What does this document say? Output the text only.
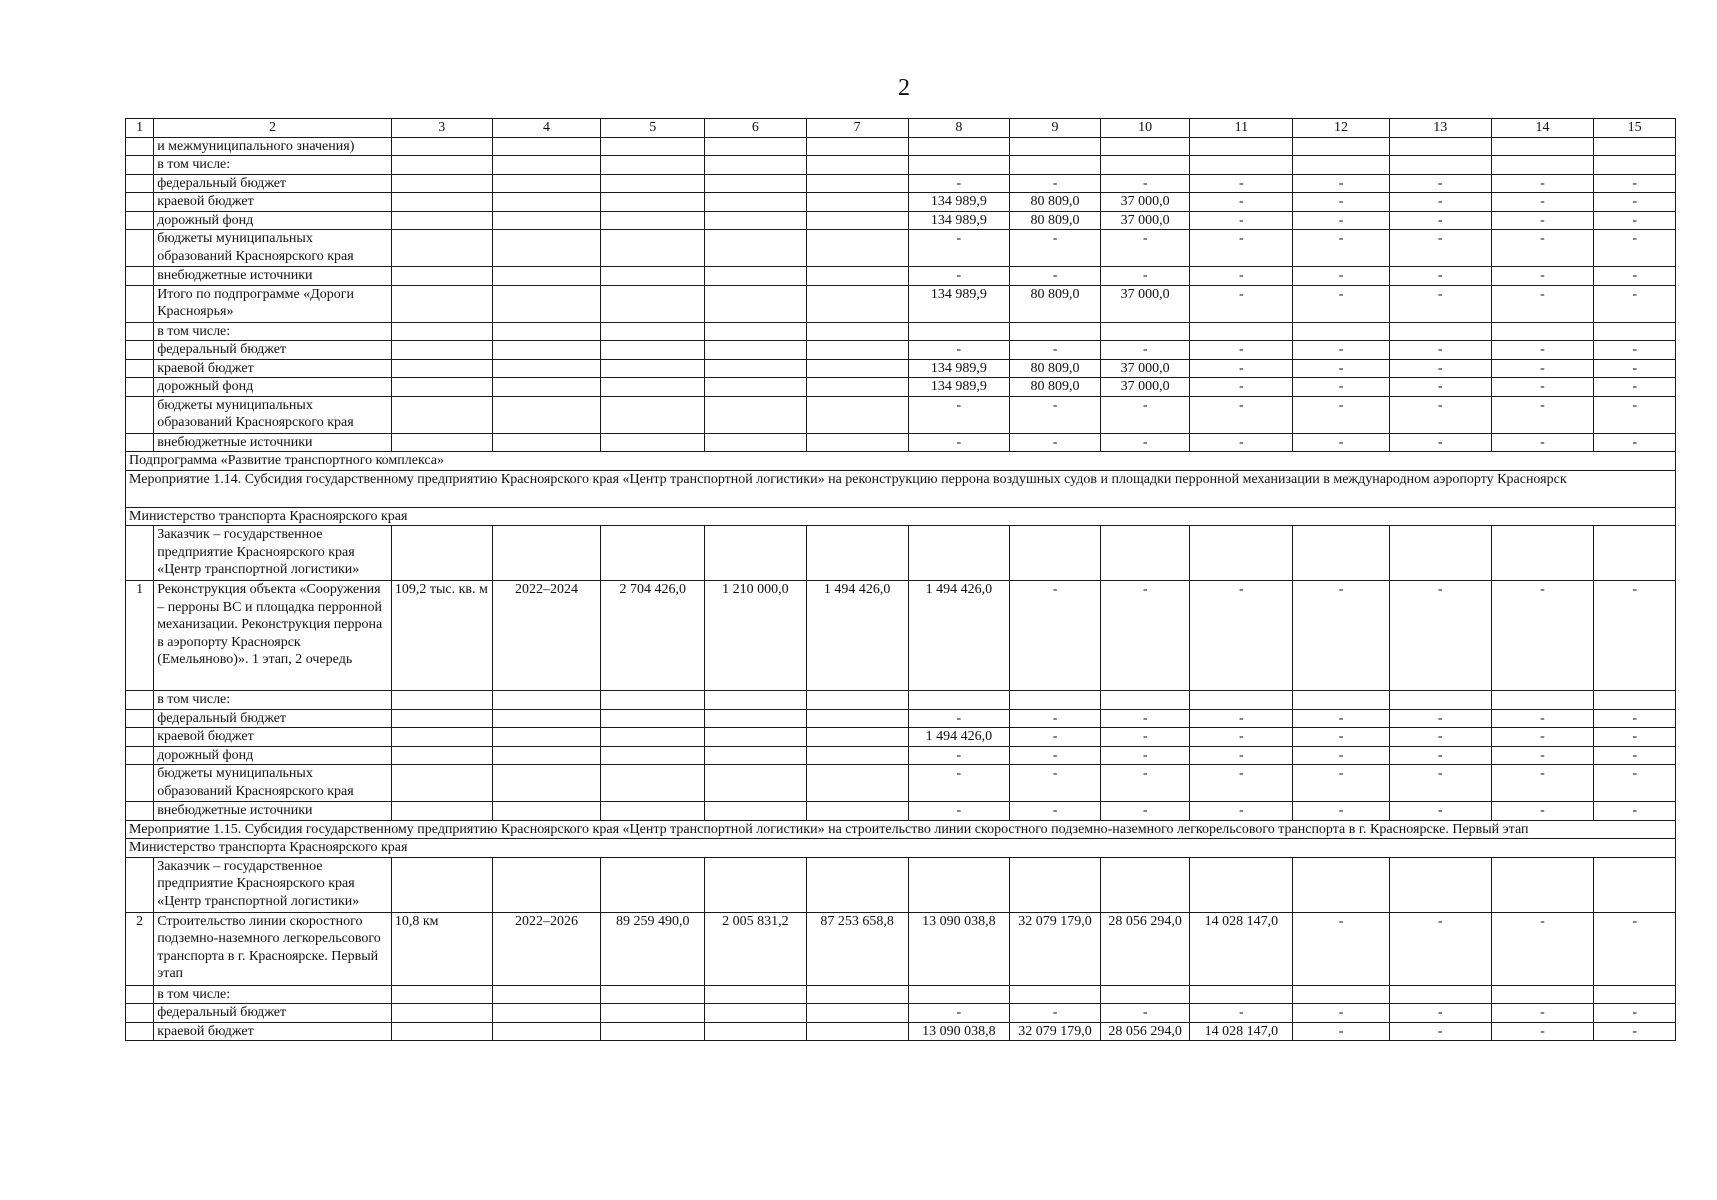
2
1	2	3	4	5	6	7	8	9	10	11	12	13	14	15
	и межмуниципального значения)													
	в том числе:													
	федеральный бюджет						-	-	-	-	-	-	-	-
	краевой бюджет						134 989,9	80 809,0	37 000,0	-	-	-	-	-
	дорожный фонд						134 989,9	80 809,0	37 000,0	-	-	-	-	-
	бюджеты муниципальных образований Красноярского края						-	-	-	-	-	-	-	-
	внебюджетные источники						-	-	-	-	-	-	-	-
	Итого по подпрограмме «Дороги Красноярья»						134 989,9	80 809,0	37 000,0	-	-	-	-	-
	в том числе:													
	федеральный бюджет						-	-	-	-	-	-	-	-
	краевой бюджет						134 989,9	80 809,0	37 000,0	-	-	-	-	-
	дорожный фонд						134 989,9	80 809,0	37 000,0	-	-	-	-	-
	бюджеты муниципальных образований Красноярского края						-	-	-	-	-	-	-	-
	внебюджетные источники						-	-	-	-	-	-	-	-
Подпрограмма «Развитие транспортного комплекса»														
Мероприятие 1.14. Субсидия государственному предприятию Красноярского края «Центр транспортной логистики» на реконструкцию перрона воздушных судов и площадки перронной механизации в международном аэропорту Красноярск														
Министерство транспорта Красноярского края														
	Заказчик – государственное предприятие Красноярского края «Центр транспортной логистики»													
1	Реконструкция объекта «Сооружения – перроны ВС и площадка перронной механизации. Реконструкция перрона в аэропорту Красноярск (Емельяново)». 1 этап, 2 очередь	109,2 тыс. кв. м	2022–2024	2 704 426,0	1 210 000,0	1 494 426,0	1 494 426,0	-	-	-	-	-	-	-
	в том числе:													
	федеральный бюджет						-	-	-	-	-	-	-	-
	краевой бюджет						1 494 426,0	-	-	-	-	-	-	-
	дорожный фонд						-	-	-	-	-	-	-	-
	бюджеты муниципальных образований Красноярского края						-	-	-	-	-	-	-	-
	внебюджетные источники						-	-	-	-	-	-	-	-
Мероприятие 1.15. Субсидия государственному предприятию Красноярского края «Центр транспортной логистики» на строительство линии скоростного подземно-наземного легкорельсового транспорта в г. Красноярске. Первый этап														
Министерство транспорта Красноярского края														
	Заказчик – государственное предприятие Красноярского края «Центр транспортной логистики»													
2	Строительство линии скоростного подземно-наземного легкорельсового транспорта в г. Красноярске. Первый этап	10,8 км	2022–2026	89 259 490,0	2 005 831,2	87 253 658,8	13 090 038,8	32 079 179,0	28 056 294,0	14 028 147,0	-	-	-	-
	в том числе:													
	федеральный бюджет						-	-	-	-	-	-	-	-
	краевой бюджет						13 090 038,8	32 079 179,0	28 056 294,0	14 028 147,0	-	-	-	-
